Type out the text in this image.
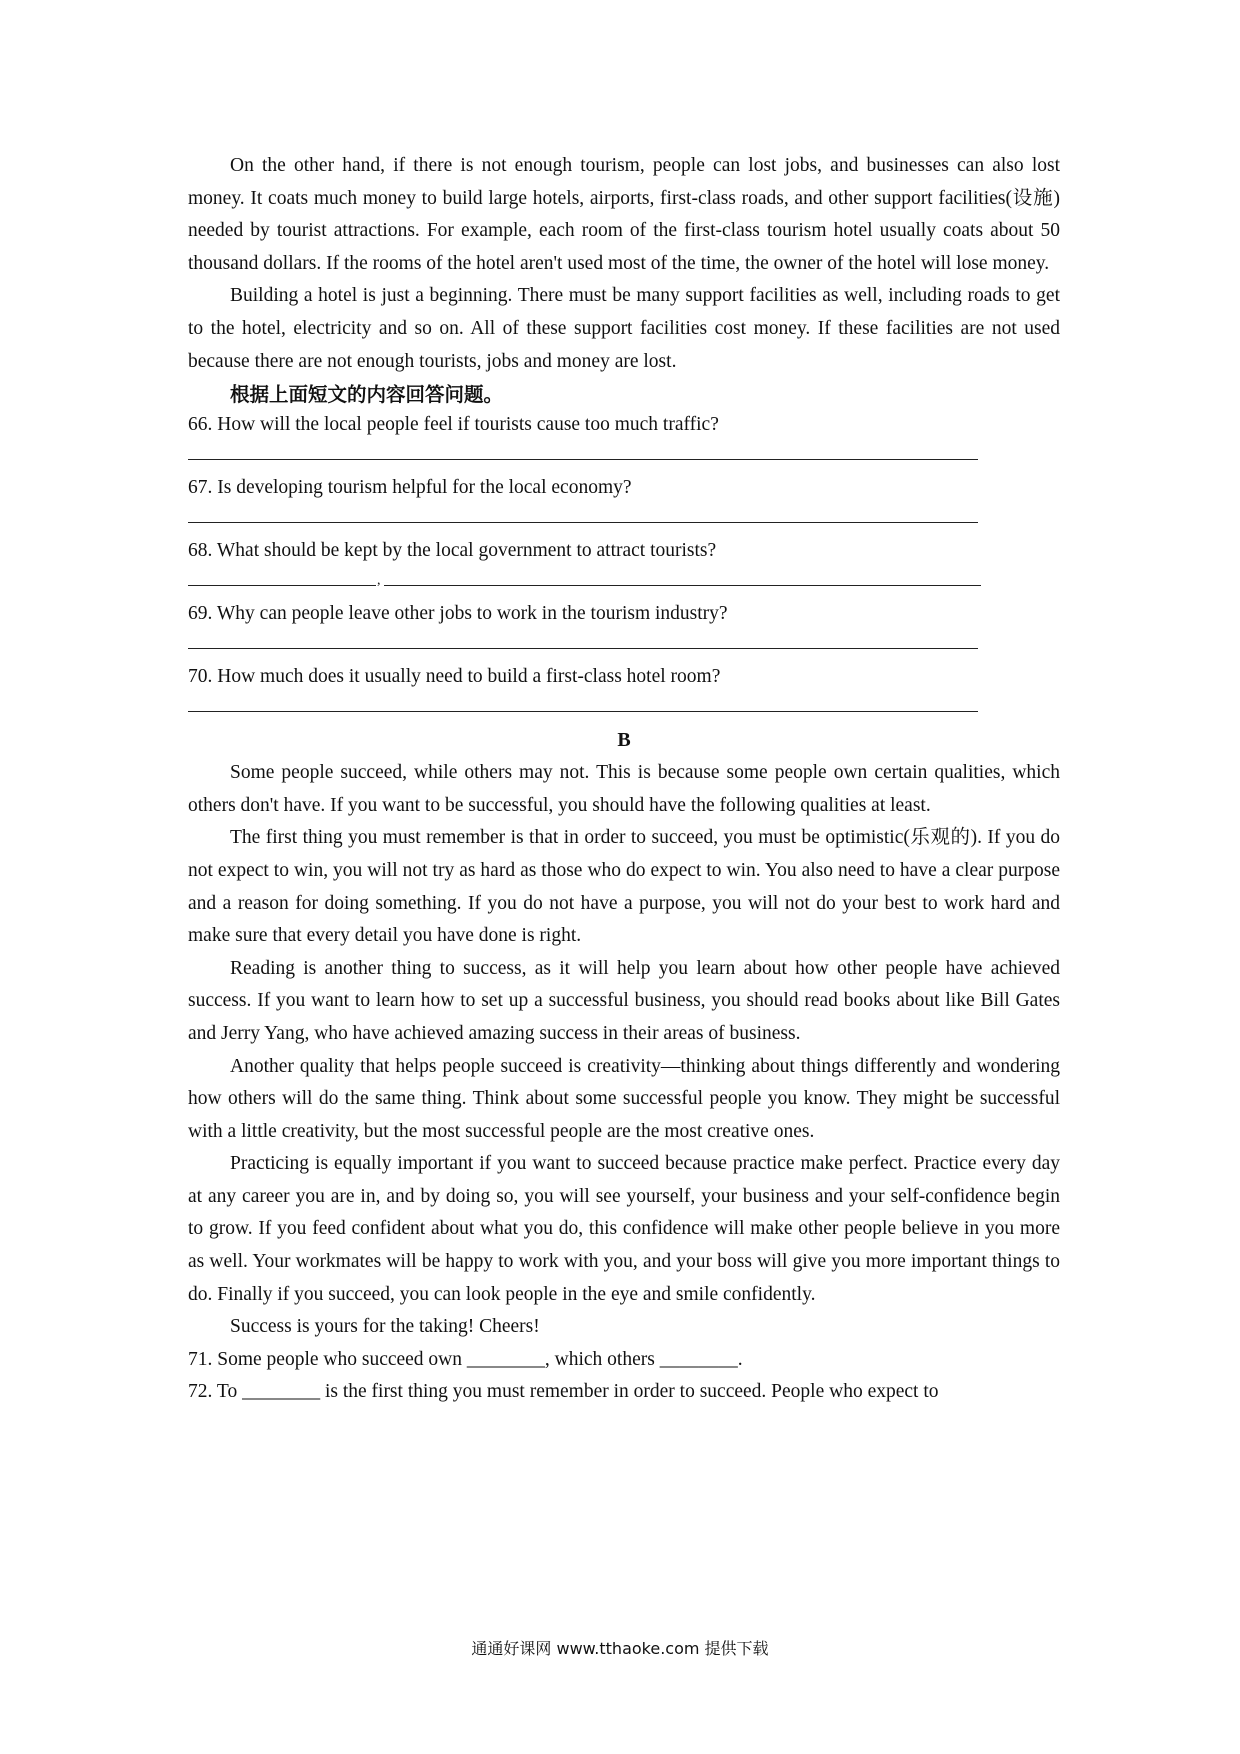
On the other hand, if there is not enough tourism, people can lost jobs, and businesses can also lost money. It coats much money to build large hotels, airports, first-class roads, and other support facilities(设施) needed by tourist attractions. For example, each room of the first-class tourism hotel usually coats about 50 thousand dollars. If the rooms of the hotel aren't used most of the time, the owner of the hotel will lose money.

Building a hotel is just a beginning. There must be many support facilities as well, including roads to get to the hotel, electricity and so on. All of these support facilities cost money. If these facilities are not used because there are not enough tourists, jobs and money are lost.

根据上面短文的内容回答问题。

66. How will the local people feel if tourists cause too much traffic?

67. Is developing tourism helpful for the local economy?

68. What should be kept by the local government to attract tourists?

,

69. Why can people leave other jobs to work in the tourism industry?

70. How much does it usually need to build a first-class hotel room?

B

Some people succeed, while others may not. This is because some people own certain qualities, which others don't have. If you want to be successful, you should have the following qualities at least.

The first thing you must remember is that in order to succeed, you must be optimistic(乐观的). If you do not expect to win, you will not try as hard as those who do expect to win. You also need to have a clear purpose and a reason for doing something. If you do not have a purpose, you will not do your best to work hard and make sure that every detail you have done is right.

Reading is another thing to success, as it will help you learn about how other people have achieved success. If you want to learn how to set up a successful business, you should read books about like Bill Gates and Jerry Yang, who have achieved amazing success in their areas of business.

Another quality that helps people succeed is creativity—thinking about things differently and wondering how others will do the same thing. Think about some successful people you know. They might be successful with a little creativity, but the most successful people are the most creative ones.

Practicing is equally important if you want to succeed because practice make perfect. Practice every day at any career you are in, and by doing so, you will see yourself, your business and your self-confidence begin to grow. If you feed confident about what you do, this confidence will make other people believe in you more as well. Your workmates will be happy to work with you, and your boss will give you more important things to do. Finally if you succeed, you can look people in the eye and smile confidently.

Success is yours for the taking! Cheers!

71. Some people who succeed own ________, which others ________.

72. To ________ is the first thing you must remember in order to succeed. People who expect to

通通好课网 www.tthaoke.com 提供下载
